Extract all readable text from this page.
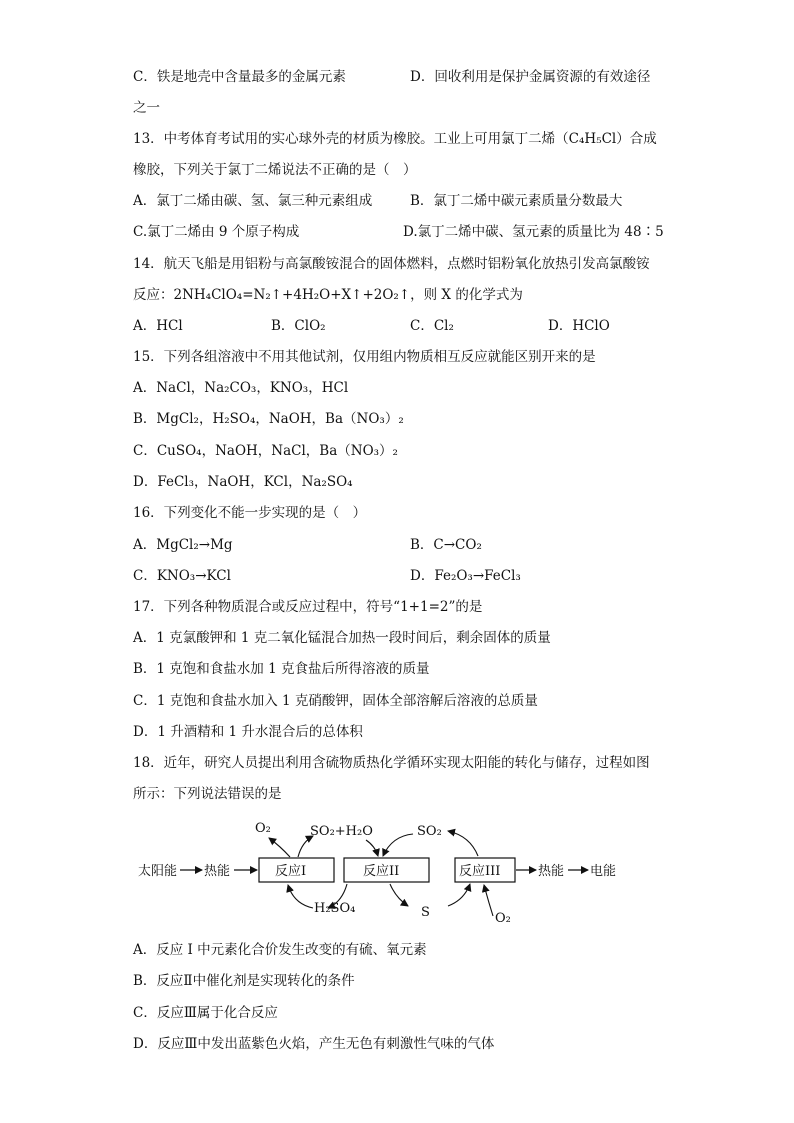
C．铁是地壳中含量最多的金属元素	D．回收利用是保护金属资源的有效途径
之一
13．中考体育考试用的实心球外壳的材质为橡胶。工业上可用氯丁二烯（C₄H₅Cl）合成
橡胶，下列关于氯丁二烯说法不正确的是（　）
A．氯丁二烯由碳、氢、氯三种元素组成	B．氯丁二烯中碳元素质量分数最大
C.氯丁二烯由 9 个原子构成	D.氯丁二烯中碳、氢元素的质量比为 48∶5
14．航天飞船是用铝粉与高氯酸铵混合的固体燃料，点燃时铝粉氧化放热引发高氯酸铵
反应：2NH₄ClO₄=N₂↑+4H₂O+X↑+2O₂↑，则 X 的化学式为
A．HCl	B．ClO₂	C．Cl₂	D．HClO
15．下列各组溶液中不用其他试剂，仅用组内物质相互反应就能区别开来的是
A．NaCl，Na₂CO₃，KNO₃，HCl
B．MgCl₂，H₂SO₄，NaOH，Ba（NO₃）₂
C．CuSO₄，NaOH，NaCl，Ba（NO₃）₂
D．FeCl₃，NaOH，KCl，Na₂SO₄
16．下列变化不能一步实现的是（　）
A．MgCl₂→Mg	B．C→CO₂
C．KNO₃→KCl	D．Fe₂O₃→FeCl₃
17．下列各种物质混合或反应过程中，符号“1+1=2”的是
A．1 克氯酸钾和 1 克二氧化锰混合加热一段时间后，剩余固体的质量
B．1 克饱和食盐水加 1 克食盐后所得溶液的质量
C．1 克饱和食盐水加入 1 克硝酸钾，固体全部溶解后溶液的总质量
D．1 升酒精和 1 升水混合后的总体积
18．近年，研究人员提出利用含硫物质热化学循环实现太阳能的转化与储存，过程如图
所示：下列说法错误的是
太阳能 热能	反应I	反应II	反应III	热能 电能
O₂	SO₂+H₂O	SO₂
H₂SO₄	S	O₂
A．反应 I 中元素化合价发生改变的有硫、氧元素
B．反应Ⅱ中催化剂是实现转化的条件
C．反应Ⅲ属于化合反应
D．反应Ⅲ中发出蓝紫色火焰，产生无色有刺激性气味的气体
